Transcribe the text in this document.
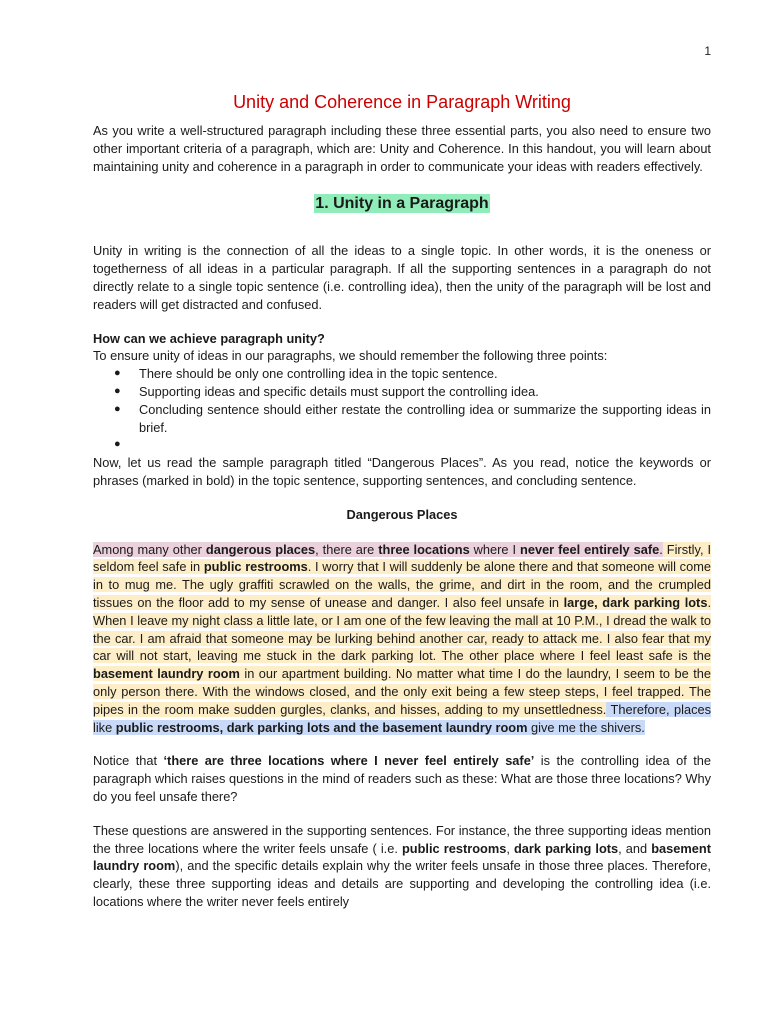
1
Unity and Coherence in Paragraph Writing

As you write a well-structured paragraph including these three essential parts, you also need to ensure two other important criteria of a paragraph, which are: Unity and Coherence. In this handout, you will learn about maintaining unity and coherence in a paragraph in order to communicate your ideas with readers effectively.

1. Unity in a Paragraph

Unity in writing is the connection of all the ideas to a single topic. In other words, it is the oneness or togetherness of all ideas in a particular paragraph. If all the supporting sentences in a paragraph do not directly relate to a single topic sentence (i.e. controlling idea), then the unity of the paragraph will be lost and readers will get distracted and confused.

How can we achieve paragraph unity?

To ensure unity of ideas in our paragraphs, we should remember the following three points:

● There should be only one controlling idea in the topic sentence.
● Supporting ideas and specific details must support the controlling idea.
● Concluding sentence should either restate the controlling idea or summarize the supporting ideas in brief.
●

Now, let us read the sample paragraph titled “Dangerous Places”. As you read, notice the keywords or phrases (marked in bold) in the topic sentence, supporting sentences, and concluding sentence.

Dangerous Places

Among many other dangerous places, there are three locations where I never feel entirely safe. Firstly, I seldom feel safe in public restrooms. I worry that I will suddenly be alone there and that someone will come in to mug me. The ugly graffiti scrawled on the walls, the grime, and dirt in the room, and the crumpled tissues on the floor add to my sense of unease and danger. I also feel unsafe in large, dark parking lots. When I leave my night class a little late, or I am one of the few leaving the mall at 10 P.M., I dread the walk to the car. I am afraid that someone may be lurking behind another car, ready to attack me. I also fear that my car will not start, leaving me stuck in the dark parking lot. The other place where I feel least safe is the basement laundry room in our apartment building. No matter what time I do the laundry, I seem to be the only person there. With the windows closed, and the only exit being a few steep steps, I feel trapped. The pipes in the room make sudden gurgles, clanks, and hisses, adding to my unsettledness. Therefore, places like public restrooms, dark parking lots and the basement laundry room give me the shivers.

Notice that ‘there are three locations where I never feel entirely safe’ is the controlling idea of the paragraph which raises questions in the mind of readers such as these: What are those three locations? Why do you feel unsafe there?

These questions are answered in the supporting sentences. For instance, the three supporting ideas mention the three locations where the writer feels unsafe ( i.e. public restrooms, dark parking lots, and basement laundry room), and the specific details explain why the writer feels unsafe in those three places. Therefore, clearly, these three supporting ideas and details are supporting and developing the controlling idea (i.e. locations where the writer never feels entirely
